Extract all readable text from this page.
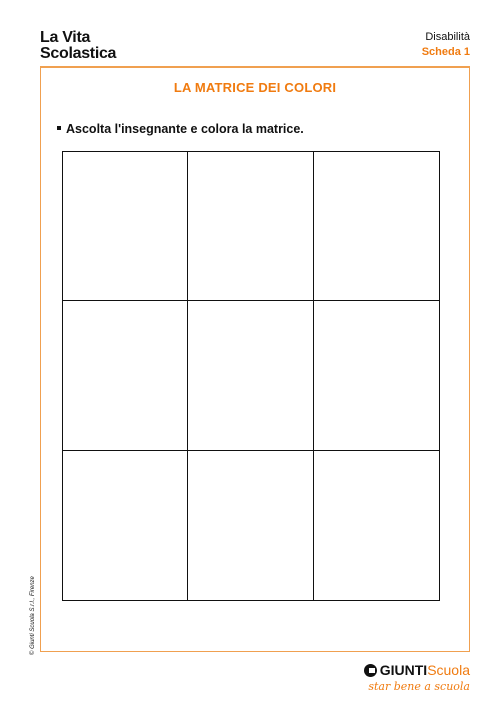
La Vita
Scolastica
Disabilità
Scheda 1
LA MATRICE DEI COLORI
Ascolta l'insegnante e colora la matrice.
© Giunti Scuola S.r.l., Firenze
GIUNTIScuola
star bene a scuola
